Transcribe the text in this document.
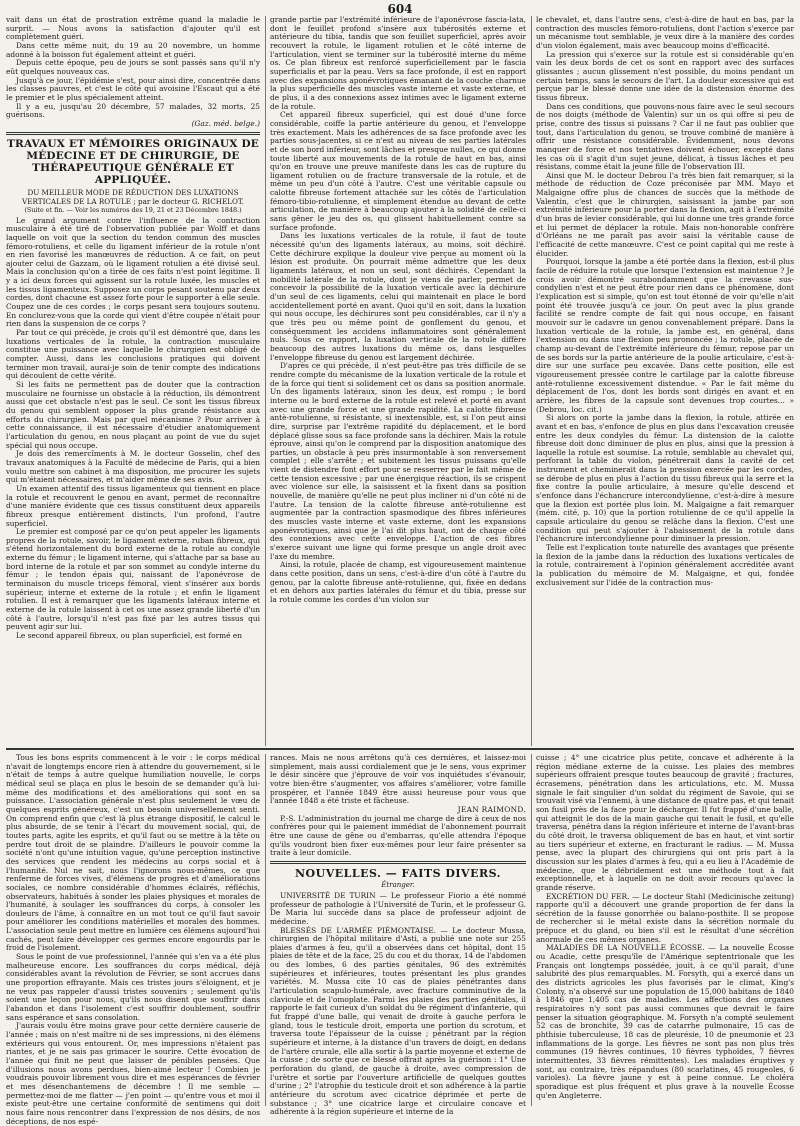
604

vait dans un état de prostration extrême quand la maladie le surprit. — Nous avons la satisfaction d'ajouter qu'il est complètement guéri.

Dans cette même nuit, du 19 au 20 novembre, un homme adonné à la boisson fut également atteint et guéri.

Depuis cette époque, peu de jours se sont passés sans qu'il n'y eût quelques nouveaux cas.

Jusqu'à ce jour, l'épidémie s'est, pour ainsi dire, concentrée dans les classes pauvres, et c'est le côté qui avoisine l'Escaut qui a été le premier et le plus spécialement atteint.

Il y a eu, jusqu'au 20 décembre, 57 malades, 32 morts, 25 guérisons.

(Gaz. méd. belge.)
TRAVAUX ET MÉMOIRES ORIGINAUX DE MÉDECINE ET DE CHIRURGIE, DE THÉRAPEUTIQUE GÉNÉRALE ET APPLIQUÉE.
DU MEILLEUR MODE DE RÉDUCTION DES LUXATIONS VERTICALES DE LA ROTULE ; par le docteur G. RICHELOT.
(Suite et fin. — Voir les numéros des 19, 21 et 23 Décembre 1848.)

Le grand argument contre l'influence de la contraction musculaire à été tiré de l'observation publiée par Wolff et dans laquelle on voit que la section du tendon commun des muscles fémoro-rotuliens, et celle du ligament inférieur de la rotule n'ont en rien favorisé les manœuvres de réduction. A ce fait, on peut ajouter celui de Gazzam, où le ligament rotulien a été divisé seul. Mais la conclusion qu'on a tirée de ces faits n'est point légitime. Il y a ici deux forces qui agissent sur la rotule luxée, les muscles et les tissus ligamenteux. Supposez un corps pesant soutenu par deux cordes, dont chacune est assez forte pour le supporter à elle seule. Coupez une de ces cordes ; le corps pesant sera toujours soutenu. En conclurez-vous que la corde qui vient d'être coupée n'était pour rien dans la suspension de ce corps ?

Par tout ce qui précède, je crois qu'il est démontré que, dans les luxations verticales de la rotule, la contraction musculaire constitue une puissance avec laquelle le chirurgien est obligé de compter. Aussi, dans les conclusions pratiques qui doivent terminer mon travail, aurai-je soin de tenir compte des indications qui découlent de cette vérité.

Si les faits ne permettent pas de douter que la contraction musculaire ne fournisse un obstacle à la réduction, ils démontrent aussi que cet obstacle n'est pas le seul. Ce sont les tissus fibreux du genou qui semblent opposer la plus grande résistance aux efforts du chirurgien. Mais par quel mécanisme ? Pour arriver à cette connaissance, il est nécessaire d'étudier anatomiquement l'articulation du genou, en nous plaçant au point de vue du sujet spécial qui nous occupe.

Je dois des remercîments à M. le docteur Gosselin, chef des travaux anatomiques à la Faculté de médecine de Paris, qui a bien voulu mettre son cabinet à ma disposition, me procurer les sujets qui m'étaient nécessaires, et m'aider même de ses avis.

Un examen attentif des tissus ligamenteux qui tiennent en place la rotule et recouvrent le genou en avant, permet de reconnaître d'une manière évidente que ces tissus constituent deux appareils fibreux presque entièrement distincts, l'un profond, l'autre superficiel.

Le premier est composé par ce qu'on peut appeler les ligaments propres de la rotule, savoir, le ligament externe, ruban fibreux, qui s'étend horizontalement du bord externe de la rotule au condyle externe du fémur ; le ligament interne, qui s'attache par sa base au bord interne de la rotule et par son sommet au condyle interne du fémur ; le tendon épais qui, naissant de l'aponévrose de terminaison du muscle triceps fémoral, vient s'insérer aux bords supérieur, interne et externe de la rotule ; et enfin le ligament rotulien. Il est à remarquer que les ligaments latéraux interne et externe de la rotule laissent à cet os une assez grande liberté d'un côté à l'autre, lorsqu'il n'est pas fixé par les autres tissus qui peuvent agir sur lui.

Le second appareil fibreux, ou plan superficiel, est formé en

grande partie par l'extrémité inférieure de l'aponévrose fascia-lata, dont le feuillet profond s'insère aux tubérosités externe et antérieure du tibia, tandis que son feuillet superficiel, après avoir recouvert la rotule, le ligament rotulien et le côté interne de l'articulation, vient se terminer sur la tubérosité interne du même os. Ce plan fibreux est renforcé superficiellement par le fascia superficialis et par la peau. Vers sa face profonde, il est en rapport avec des expansions aponévrotiques émanant de la couche charnue la plus superficielle des muscles vaste interne et vaste externe, et de plus, il a des connexions assez intimes avec le ligament externe de la rotule.

Cet appareil fibreux superficiel, qui est doué d'une force considérable, coiffe la partie antérieure du genou, et l'enveloppe très exactement. Mais les adhérences de sa face profonde avec les parties sous-jacentes, si ce n'est au niveau de ses parties latérales et de son bord inférieur, sont lâches et presque nulles, ce qui donne toute liberté aux mouvements de la rotule de haut en bas, ainsi qu'on en trouve une preuve manifeste dans les cas de rupture du ligament rotulien ou de fracture transversale de la rotule, et de même un peu d'un côté à l'autre. C'est une véritable capsule ou calotte fibreuse fortement attachée sur les côtés de l'articulation fémoro-tibio-rotulienne, et simplement étendue au devant de cette articulation, de manière à beaucoup ajouter à la solidité de celle-ci sans gêner le jeu des os, qui glissent habituellement contre sa surface profonde.

Dans les luxations verticales de la rotule, il faut de toute nécessité qu'un des ligaments latéraux, au moins, soit déchiré. Cette déchirure explique la douleur vive perçue au moment où la lésion est produite. On pourrait même admettre que les deux ligaments latéraux, et non un seul, sont déchirés. Cependant la mobilité latérale de la rotule, dont je viens de parler, permet de concevoir la possibilité de la luxation verticale avec la déchirure d'un seul de ces ligaments, celui qui maintenait en place le bord accidentellement porté en avant. Quoi qu'il en soit, dans la luxation qui nous occupe, les déchirures sont peu considérables, car il n'y a que très peu ou même point de gonflement du genou, et conséquemment les accidens inflammatoires sont généralement nuls. Sous ce rapport, la luxation verticale de la rotule diffère beaucoup des autres luxations du même os, dans lesquelles l'enveloppe fibreuse du genou est largement déchirée.

D'après ce qui précède, il n'est peut-être pas très difficile de se rendre compte du mécanisme de la luxation verticale de la rotule et de la force qui tient si solidement cet os dans sa position anormale. Un des ligaments latéraux, sinon les deux, est rompu ; le bord interne ou le bord externe de la rotule est relevé et porté en avant avec une grande force et une grande rapidité. La calotte fibreuse antè-rotulienne, si résistante, si inextensible, est, si l'on peut ainsi dire, surprise par l'extrême rapidité du déplacement, et le bord déplacé glisse sous sa face profonde sans la déchirer. Mais la rotule éprouve, ainsi qu'on le comprend par la disposition anatomique des parties, un obstacle à peu près insurmontable à son renversement complet ; elle s'arrête ; et subitement les tissus puissans qu'elle vient de distendre font effort pour se resserrer par le fait même de cette tension excessive ; par une énergique réaction, ils se crispent avec violence sur elle, la saisissent et la fixent dans sa position nouvelle, de manière qu'elle ne peut plus incliner ni d'un côté ni de l'autre. La tension de la calotte fibreuse antè-rotulienne est augmentée par la contraction spasmodique des fibres inférieures des muscles vaste interne et vaste externe, dont les expansions aponévrotiques, ainsi que je l'ai dit plus haut, ont de chaque côté des connexions avec cette enveloppe. L'action de ces fibres s'exerce suivant une ligne qui forme presque un angle droit avec l'axe du membre.

Ainsi, la rotule, placée de champ, est vigoureusement maintenue dans cette position, dans un sens, c'est-à-dire d'un côté à l'autre du genou, par la calotte fibreuse antè-rotulienne, qui, fixée en dedans et en dehors aux parties latérales du fémur et du tibia, presse sur la rotule comme les cordes d'un violon sur

le chevalet, et, dans l'autre sens, c'est-à-dire de haut en bas, par la contraction des muscles fémoro-rotuliens, dont l'action s'exerce par un mécanisme tout semblable, je veux dire à la manière des cordes d'un violon également, mais avec beaucoup moins d'efficacité.

La pression qui s'exerce sur la rotule est si considérable qu'en vain les deux bords de cet os sont en rapport avec des surfaces glissantes ; aucun glissement n'est possible, du moins pendant un certain temps, sans le secours de l'art. La douleur excessive qui est perçue par le blessé donne une idée de la distension énorme des tissus fibreux.

Dans ces conditions, que pouvons-nous faire avec le seul secours de nos doigts (méthode de Valentin) sur un os qui offre si peu de prise, contre des tissus si puissans ? Car il ne faut pas oublier que tout, dans l'articulation du genou, se trouve combiné de manière à offrir une résistance considérable. Évidemment, nous devons manquer de force et nos tentatives doivent échouer, excepté dans les cas où il s'agit d'un sujet jeune, délicat, à tissus lâches et peu résistans, comme était la jeune fille de l'observation III.

Ainsi que M. le docteur Debrou l'a très bien fait remarquer, si la méthode de réduction de Coze préconisée par MM. Mayo et Malgaigne offre plus de chances de succès que la méthode de Valentin, c'est que le chirurgien, saisissant la jambe par son extrémité inférieure pour la porter dans la flexion, agit à l'extrémité d'un bras de levier considérable, qui lui donne une très grande force et lui permet de déplacer la rotule. Mais non-honorable confrère d'Orléans ne me paraît pas avoir saisi la véritable cause de l'efficacité de cette manœuvre. C'est ce point capital qui me reste à élucider.

Pourquoi, lorsque la jambe a été portée dans la flexion, est-il plus facile de réduire la rotule que lorsque l'extension est maintenue ? Je crois avoir démontré surabondamment que la crevasse sus-condylien n'est et ne peut être pour rien dans ce phénomène, dont l'explication est si simple, qu'on est tout étonné de voir qu'elle n'ait point été trouvée jusqu'à ce jour. On peut avec la plus grande facilité se rendre compte de fait qui nous occupe, en faisant mouvoir sur le cadavre un genou convenablement préparé. Dans la luxation verticale de la rotule, la jambe est, en général, dans l'extension ou dans une flexion peu prononcée ; la rotule, placée de champ au-devant de l'extrémité inférieure du fémur, repose par un de ses bords sur la partie antérieure de la poulie articulaire, c'est-à-dire sur une surface peu excavée. Dans cette position, elle est vigoureusement pressée contre le cartilage par la calotte fibreuse antè-rotulienne excessivement distendue. « Par le fait même du déplacement de l'os, dont les bords sont dirigés en avant et en arrière, les fibres de la capsule sont devenues trop courtes... » (Debrou, loc. cit.)

Si alors on porte la jambe dans la flexion, la rotule, attirée en avant et en bas, s'enfonce de plus en plus dans l'excavation creusée entre les deux condyles du fémur. La distension de la calotte fibreuse doit donc diminuer de plus en plus, ainsi que la pression à laquelle la rotule est soumise. La rotule, semblable au chevalet qui, perforant la table du violon, pénétrerait dans la cavité de cet instrument et cheminerait dans la pression exercée par les cordes, se dérobe de plus en plus à l'action du tissu fibreux qui la serre et la fixe contre la poulie articulaire, à mesure qu'elle descend et s'enfonce dans l'échancrure intercondylienne, c'est-à-dire à mesure que la flexion est portée plus loin. M. Malgaigne a fait remarquer (mém. cité, p. 10) que la portion rotulienne de ce qu'il appelle la capsule articulaire du genou se relâche dans la flexion. C'est une condition qui peut s'ajouter à l'abaissement de la rotule dans l'échancrure intercondylienne pour diminuer la pression.

Telle est l'explication toute naturelle des avantages que présente la flexion de la jambe dans la réduction des luxations verticales de la rotule, contrairement à l'opinion généralement accréditée avant la publication du mémoire de M. Malgaigne, et qui, fondée exclusivement sur l'idée de la contraction mus-

Tous les bons esprits commencent à le voir : le corps médical n'avait de longtemps encore rien à attendre du gouvernement, si le n'était de temps à autre quelque humiliation nouvelle, le corps médical seul se plaça en plus le besoin de se demander qu'à lui-même des modifications et des améliorations qui sont en sa puissance. L'association générale n'est plus seulement le vœu de quelques esprits généreux, c'est un besoin universellement senti. On comprend enfin que c'est là plus étrange dispositif, le calcul le plus absurde, de se tenir à l'écart du mouvement social, qui, de toutes parts, agite les esprits, et qu'il faut ou se mettre à la tête ou perdre tout droit de se plaindre. D'ailleurs le pouvoir comme la société n'ont qu'une intuition vague, qu'une perception instinctive des services que rendent les médecins au corps social et à l'humanité. Nul ne sait, nous l'ignorons nous-mêmes, ce que renferme de forces vives, d'élémens de progrès et d'améliorations sociales, ce nombre considérable d'hommes éclairés, réfléchis, observateurs, habitués à sonder les plaies physiques et morales de l'humanité, à soulager les souffrances du corps, à consoler les douleurs de l'âme, à connaître en un mot tout ce qu'il faut savoir pour améliorer les conditions matérielles et morales des hommes. L'association seule peut mettre en lumière ces élémens aujourd'hui cachés, peut faire développer ces germes encore engourdis par le froid de l'isolement.

Sous le point de vue professionnel, l'année qui s'en va a été plus malheureuse encore. Les souffrances du corps médical, déjà considérables avant la révolution de Février, se sont accrues dans une proportion effrayante. Mais ces tristes jours s'éloignent, et je ne veux pas rappeler d'aussi tristes souvenirs ; seulement qu'ils soient une leçon pour nous, qu'ils nous disent que souffrir dans l'abandon et dans l'isolement c'est souffrir doublement, souffrir sans espérance et sans consolation.

J'aurais voulu être moins grave pour cette dernière causerie de l'année ; mais on n'est maître ni de ses impressions, ni des élémens extérieurs qui vous entourent. Or, mes impressions n'étaient pas riantes, et je ne sais pas grimacer le sourire. Cette évocation de l'année qui finit ne peut que laisser de pénibles pensées. Que d'illusions nous avons perdues, bien-aimé lecteur ! Combien je voudrais pouvoir librement vous dire et mes espérances de février et mes désenchantemens de décembre ! Il me semble — permettez-moi de me flatter — j'en point — qu'entre vous et moi il existe peut-être une certaine conformité de sentimens qui doit nous faire nous rencontrer dans l'expression de nos désirs, de nos déceptions, de nos espé-

rances. Mais ne nous arrêtons qu'à ces dernières, et laissez-moi simplement, mais aussi cordialement que je le sens, vous exprimer le désir sincère que j'éprouve de voir vos inquiétudes s'évanouir, votre bien-être s'augmenter, vos affaires s'améliorer, votre famille prospérer, et l'année 1849 être aussi heureuse pour vous que l'année 1848 a été triste et fâcheuse.

JEAN RAIMOND.

P.-S. L'administration du journal me charge de dire à ceux de nos confrères pour qui le paiement immédiat de l'abonnement pourrait être une cause de gêne ou d'embarras, qu'elle attendra l'époque qu'ils voudront bien fixer eux-mêmes pour leur faire présenter sa traite à leur domicile.

NOUVELLES. — FAITS DIVERS.
Étranger.

UNIVERSITÉ DE TURIN — Le professeur Fiorio a été nommé professeur de pathologie à l'Université de Turin, et le professeur G. De Maria lui succède dans sa place de professeur adjoint de médecine.

BLESSÉS DE L'ARMÉE PIÉMONTAISE. — Le docteur Mussa, chirurgien de l'hôpital militaire d'Asti, a publié une note sur 255 plaies d'armes à feu, qu'il a observées dans cet hôpital, dont 15 plaies de tête et de la face, 25 du cou et du thorax, 14 de l'abdomen ou des lombes, 6 des parties génitales, 96 des extrémités supérieures et inférieures, toutes présentant les plus grandes variétés. M. Mussa cite 10 cas de plaies pénétrantes dans l'articulation scapulo-humérale, avec fracture comminutive de la clavicule et de l'omoplate. Parmi les plaies des parties génitales, il rapporte le fait curieux d'un soldat du 9e régiment d'infanterie, qui fut frappé d'une balle, qui venait de droite à gauche perfora le gland, tous le testicule droit, emporta une portion du scrotum, et traversa toute l'épaisseur de la cuisse ; pénétrant par la région supérieure et interne, à la distance d'un travers de doigt, en dedans de l'artère crurale, elle alla sortir à la partie moyenne et externe de la cuisse ; de sorte que ce blessé offrait après la guérison : 1° Une perforation du gland, de gauche à droite, avec compression de l'urètre et sortie par l'ouverture artificielle de quelques gouttes d'urine ; 2° l'atrophie du testicule droit et son adhérence à la partie antérieure du scrotum avec cicatrice déprimée et perte de substance ; 3° une cicatrice large et circulaire concave et adhérente à la région supérieure et interne de la

cuisse ; 4° une cicatrice plus petite, concave et adhérente à la région médiane externe de la cuisse. Les plaies des membres supérieurs offraient presque toutes beaucoup de gravité ; fractures, écrasemens, pénétration dans les articulations, etc. M. Mussa signale le fait singulier d'un soldat du régiment de Savoie, qui se trouvait visé via l'ennemi, à une distance de quatre pas, et qui tenait son fusil près de la face pour le décharger. Il fut frappé d'une balle, qui atteignit le dos de la main gauche qui tenait le fusil, et qu'elle traversa, pénétra dans la région inférieure et interne de l'avant-bras du côté droit, le traversa obliquement de bas en haut, et vint sortir au tiers supérieur et externe, en fracturant le radius. — M. Mussa pense, avec la plupart des chirurgiens qui ont pris part à la discussion sur les plaies d'armes à feu, qui a eu lieu à l'Académie de médecine, que le débridement est une méthode tout à fait exceptionnelle, et à laquelle on ne doit avoir recours qu'avec la grande réserve.

EXCRÉTION DU FER. — Le docteur Stahl (Medicinische zeitung) rapporte qu'il a découvert une grande proportion de fer dans la sécrétion de la fausse gonorrhée ou balano-posthite. Il se propose de rechercher si le métal existe dans la sécrétion normale du prépuce et du gland, ou bien s'il est le résultat d'une sécrétion anormale de ces mêmes organes.

MALADIES DE LA NOUVELLE ÉCOSSE. — La nouvelle Écosse ou Acadie, cette presqu'île de l'Amérique septentrionale que les Français ont longtemps possédée, jouit, à ce qu'il paraît, d'une salubrité des plus remarquables. M. Forsyth, qui a exercé dans un des districts agricoles les plus favorisés par le climat, King's Colonty, n'a observé sur une population de 15,000 habitans de 1840 à 1846 que 1,405 cas de maladies. Les affections des organes respiratoires n'y sont pas aussi communes que devrait le faire penser la situation géographique. M. Forsyth n'a compté seulement 52 cas de bronchite, 39 cas de catarrhe pulmonaire, 15 cas de phthisie tuberculeuse, 18 cas de pleurésie, 10 de pneumonie et 23 inflammations de la gorge. Les fièvres ne sont pas non plus très communes (19 fièvres continues, 10 fièvres typhoïdes, 7 fièvres intermittentes, 33 fièvres rémittentes). Les maladies éruptives y sont, au contraire, très répandues (80 scarlatines, 45 rougeoles, 6 varioles). La fièvre jaune y est à peine connue. Le choléra sporadique est plus fréquent et plus grave à la nouvelle Écosse qu'en Angleterre.
